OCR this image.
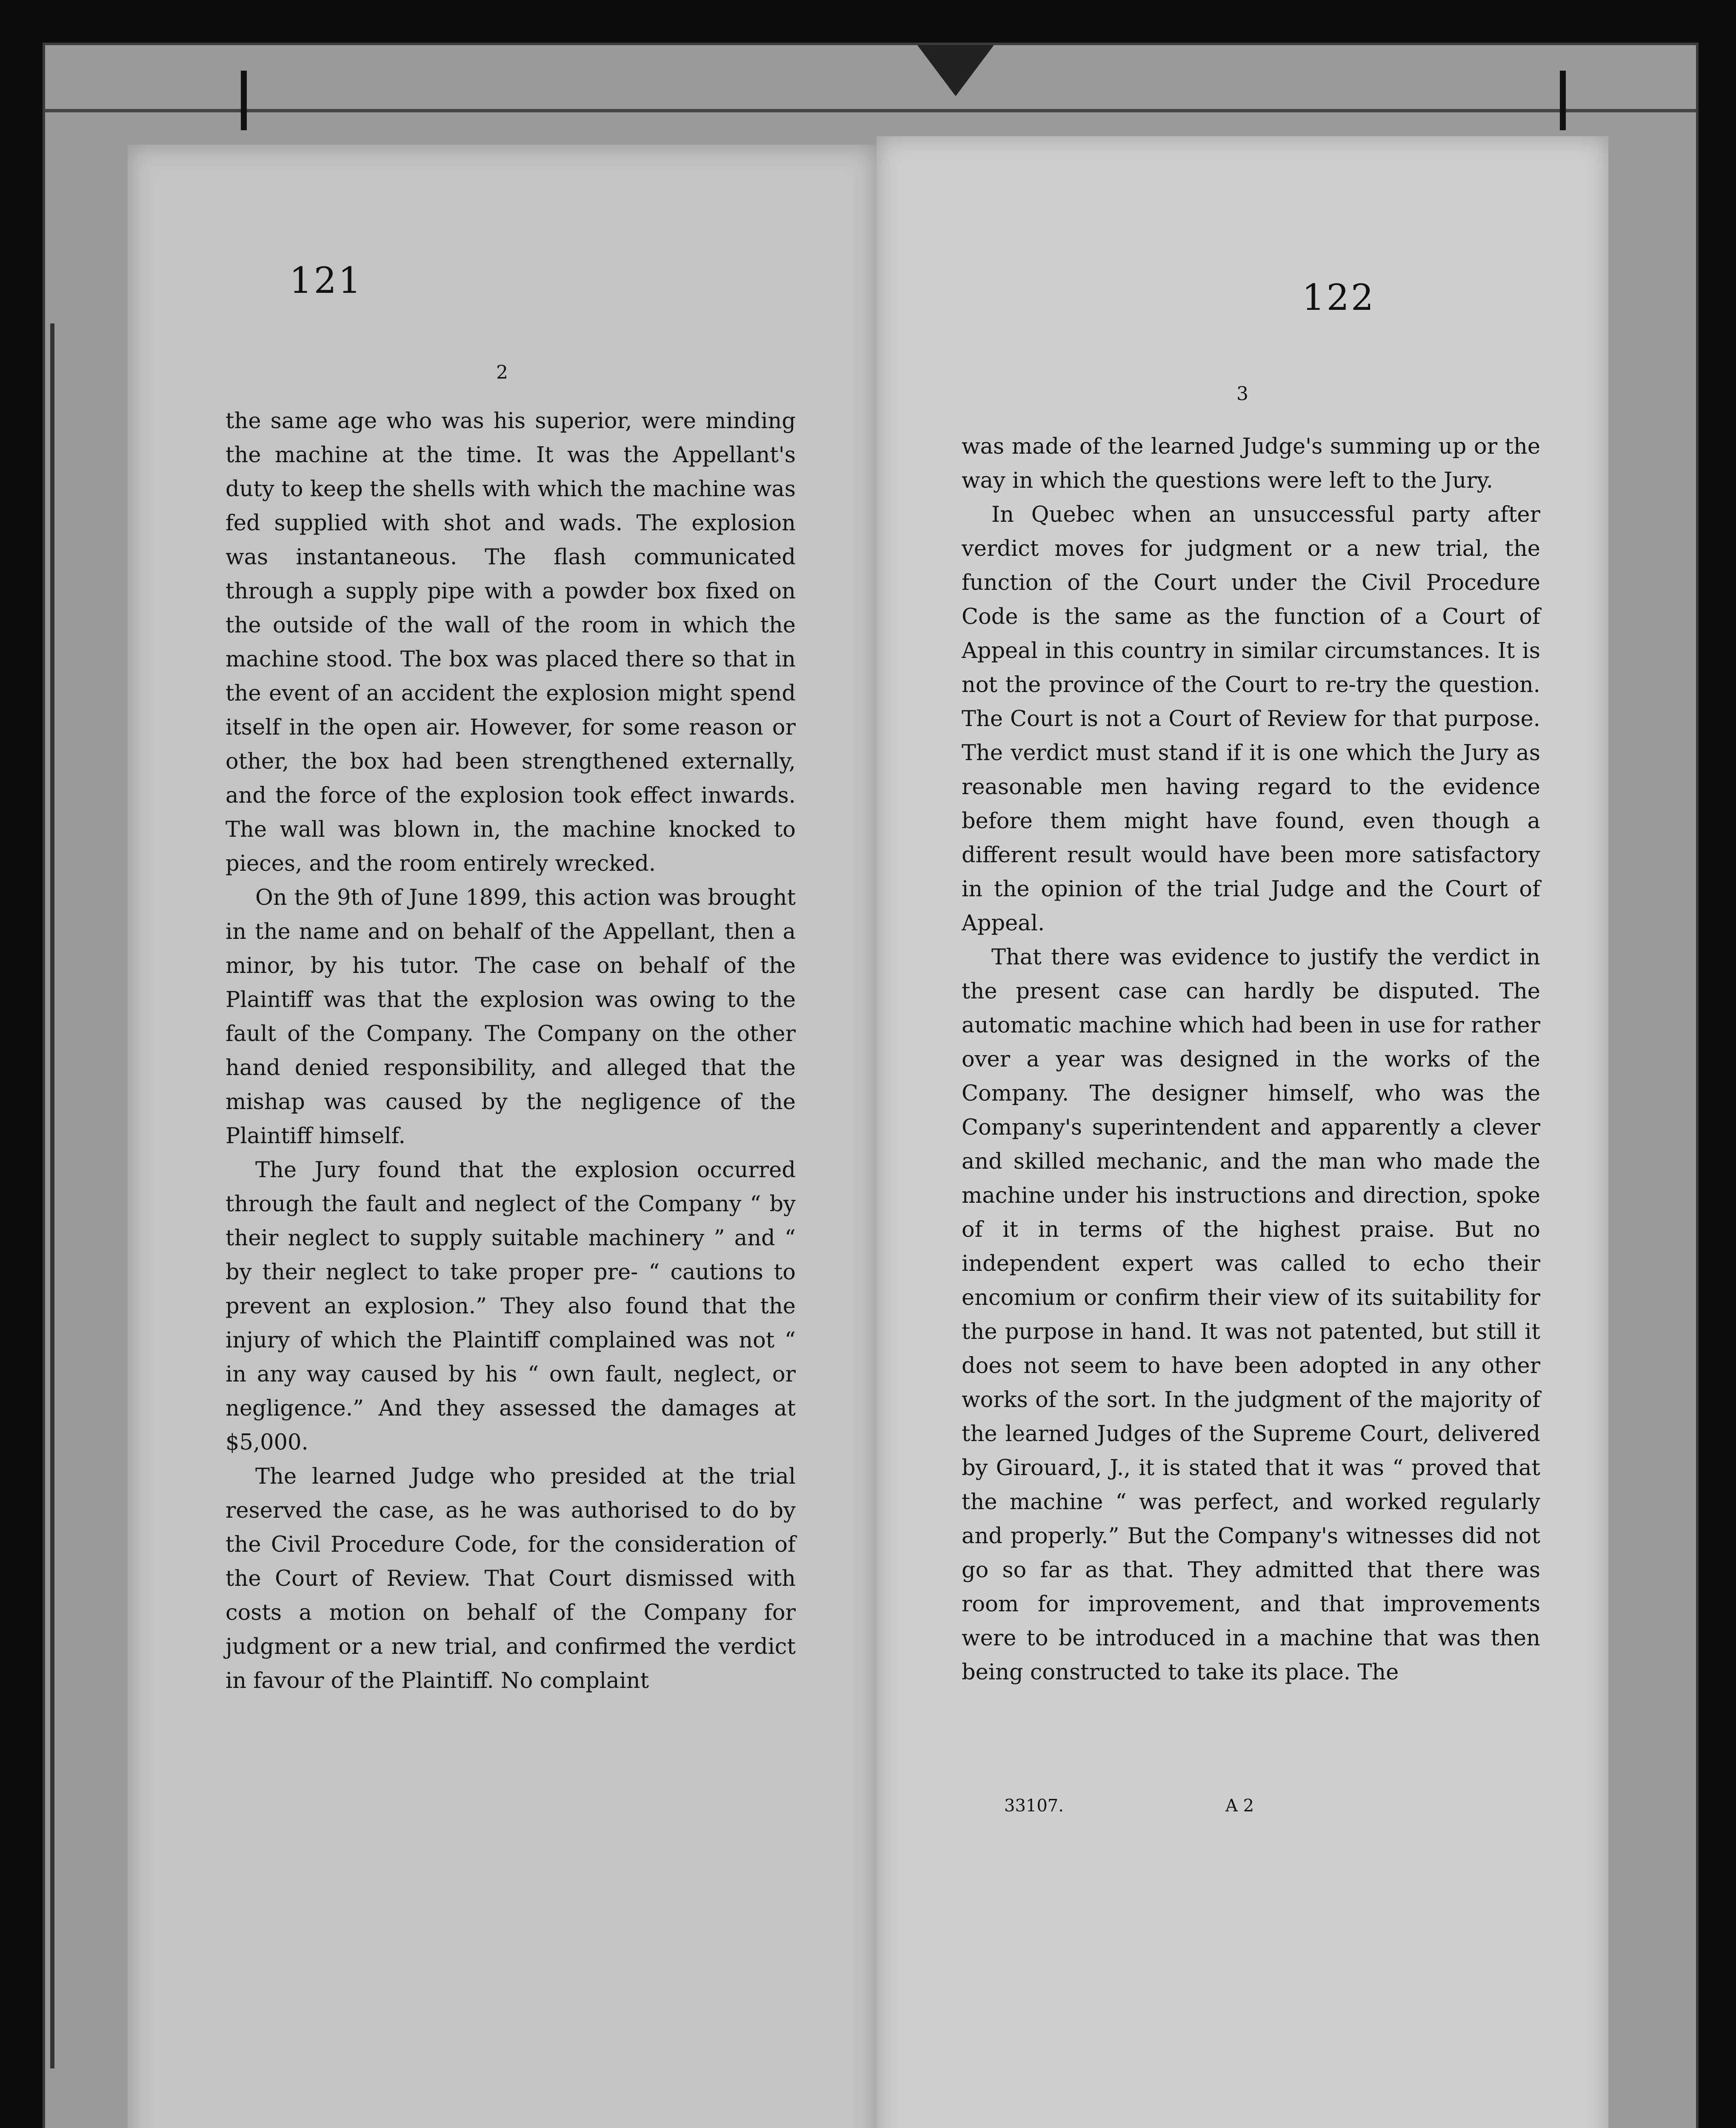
121
2

the same age who was his superior, were minding the machine at the time. It was the Appellant's duty to keep the shells with which the machine was fed supplied with shot and wads. The explosion was instantaneous. The flash communicated through a supply pipe with a powder box fixed on the outside of the wall of the room in which the machine stood. The box was placed there so that in the event of an accident the explosion might spend itself in the open air. However, for some reason or other, the box had been strengthened externally, and the force of the explosion took effect inwards. The wall was blown in, the machine knocked to pieces, and the room entirely wrecked.

On the 9th of June 1899, this action was brought in the name and on behalf of the Appellant, then a minor, by his tutor. The case on behalf of the Plaintiff was that the explosion was owing to the fault of the Company. The Company on the other hand denied responsibility, and alleged that the mishap was caused by the negligence of the Plaintiff himself.

The Jury found that the explosion occurred through the fault and neglect of the Company “ by their neglect to supply suitable machinery ” and “ by their neglect to take proper pre- “ cautions to prevent an explosion.” They also found that the injury of which the Plaintiff complained was not “ in any way caused by his “ own fault, neglect, or negligence.” And they assessed the damages at $5,000.

The learned Judge who presided at the trial reserved the case, as he was authorised to do by the Civil Procedure Code, for the consideration of the Court of Review. That Court dismissed with costs a motion on behalf of the Company for judgment or a new trial, and confirmed the verdict in favour of the Plaintiff. No complaint

122
3

was made of the learned Judge's summing up or the way in which the questions were left to the Jury.

In Quebec when an unsuccessful party after verdict moves for judgment or a new trial, the function of the Court under the Civil Procedure Code is the same as the function of a Court of Appeal in this country in similar circumstances. It is not the province of the Court to re-try the question. The Court is not a Court of Review for that purpose. The verdict must stand if it is one which the Jury as reasonable men having regard to the evidence before them might have found, even though a different result would have been more satisfactory in the opinion of the trial Judge and the Court of Appeal.

That there was evidence to justify the verdict in the present case can hardly be disputed. The automatic machine which had been in use for rather over a year was designed in the works of the Company. The designer himself, who was the Company's superintendent and apparently a clever and skilled mechanic, and the man who made the machine under his instructions and direction, spoke of it in terms of the highest praise. But no independent expert was called to echo their encomium or confirm their view of its suitability for the purpose in hand. It was not patented, but still it does not seem to have been adopted in any other works of the sort. In the judgment of the majority of the learned Judges of the Supreme Court, delivered by Girouard, J., it is stated that it was “ proved that the machine “ was perfect, and worked regularly and properly.” But the Company's witnesses did not go so far as that. They admitted that there was room for improvement, and that improvements were to be introduced in a machine that was then being constructed to take its place. The

33107.	A 2
